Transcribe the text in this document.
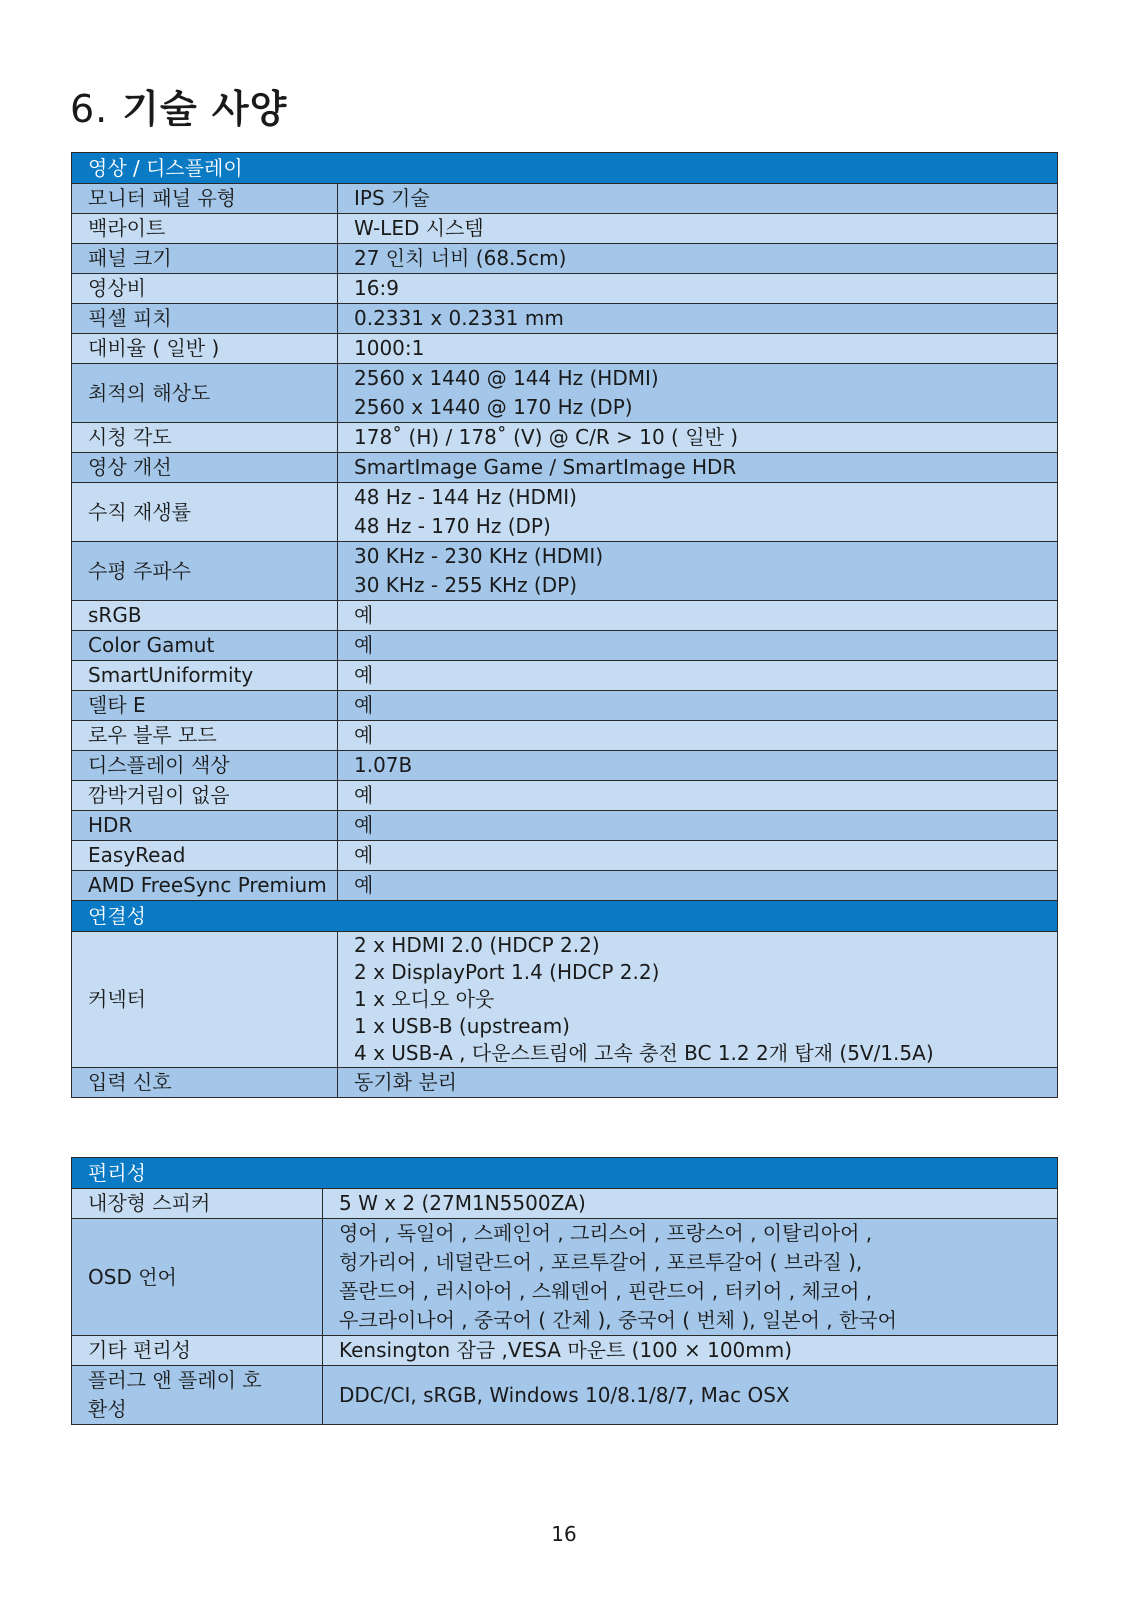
6. 기술 사양
영상 / 디스플레이	
모니터 패널 유형	IPS 기술
백라이트	W-LED 시스템
패널 크기	27 인치 너비 (68.5cm)
영상비	16:9
픽셀 피치	0.2331 x 0.2331 mm
대비율 ( 일반 )	1000:1
최적의 해상도	2560 x 1440 @ 144 Hz (HDMI)
2560 x 1440 @ 170 Hz (DP)

시청 각도	178˚ (H) / 178˚ (V) @ C/R > 10 ( 일반 )
영상 개선	SmartImage Game / SmartImage HDR
수직 재생률	48 Hz - 144 Hz (HDMI)
48 Hz - 170 Hz (DP)

수평 주파수	30 KHz - 230 KHz (HDMI)
30 KHz - 255 KHz (DP)

sRGB	예
Color Gamut	예
SmartUniformity	예
델타 E	예
로우 블루 모드	예
디스플레이 색상	1.07B
깜박거림이 없음	예
HDR	예
EasyRead	예
AMD FreeSync Premium	예
연결성	
커넥터	2 x HDMI 2.0 (HDCP 2.2)
2 x DisplayPort 1.4 (HDCP 2.2)
1 x 오디오 아웃
1 x USB-B (upstream)
4 x USB-A , 다운스트림에 고속 충전 BC 1.2 2개 탑재 (5V/1.5A)

입력 신호	동기화 분리
편리성	
내장형 스피커	5 W x 2 (27M1N5500ZA)
OSD 언어	영어 , 독일어 , 스페인어 , 그리스어 , 프랑스어 , 이탈리아어 ,
헝가리어 , 네덜란드어 , 포르투갈어 , 포르투갈어 ( 브라질 ),
폴란드어 , 러시아어 , 스웨덴어 , 핀란드어 , 터키어 , 체코어 ,
우크라이나어 , 중국어 ( 간체 ), 중국어 ( 번체 ), 일본어 , 한국어

기타 편리성	Kensington 잠금 ,VESA 마운트 (100 × 100mm)

플러그 앤 플레이 호
환성	DDC/CI, sRGB, Windows 10/8.1/8/7, Mac OSX
16
